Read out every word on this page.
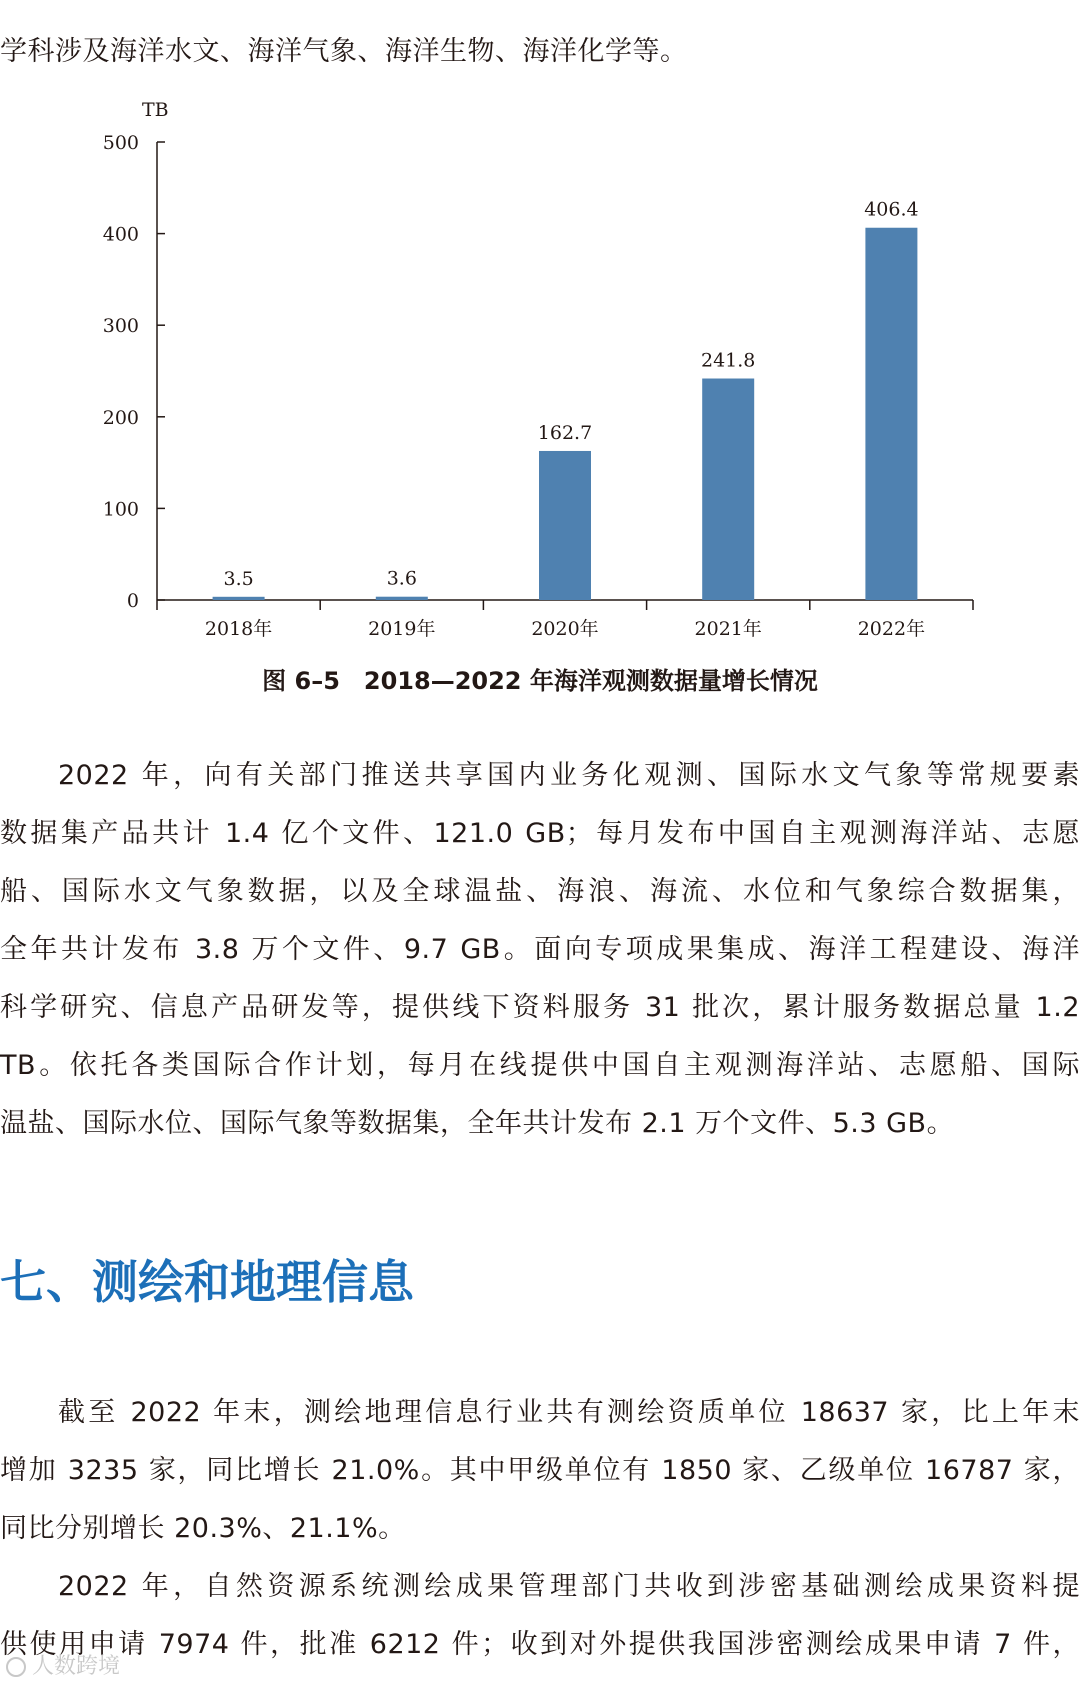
学科涉及海洋水文、海洋气象、海洋生物、海洋化学等。
TB
0
100
200
300
400
500
3.5
2018年
3.6
2019年
162.7
2020年
241.8
2021年
406.4
2022年
图 6–5　2018—2022 年海洋观测数据量增长情况
2022 年，向有关部门推送共享国内业务化观测、国际水文气象等常规要素
数据集产品共计 1.4 亿个文件、121.0 GB；每月发布中国自主观测海洋站、志愿
船、国际水文气象数据，以及全球温盐、海浪、海流、水位和气象综合数据集，
全年共计发布 3.8 万个文件、9.7 GB。面向专项成果集成、海洋工程建设、海洋
科学研究、信息产品研发等，提供线下资料服务 31 批次，累计服务数据总量 1.2
TB。依托各类国际合作计划，每月在线提供中国自主观测海洋站、志愿船、国际
温盐、国际水位、国际气象等数据集，全年共计发布 2.1 万个文件、5.3 GB。
七、测绘和地理信息
截至 2022 年末，测绘地理信息行业共有测绘资质单位 18637 家，比上年末
增加 3235 家，同比增长 21.0%。其中甲级单位有 1850 家、乙级单位 16787 家，
同比分别增长 20.3%、21.1%。
2022 年，自然资源系统测绘成果管理部门共收到涉密基础测绘成果资料提
供使用申请 7974 件，批准 6212 件；收到对外提供我国涉密测绘成果申请 7 件，
人数跨境
